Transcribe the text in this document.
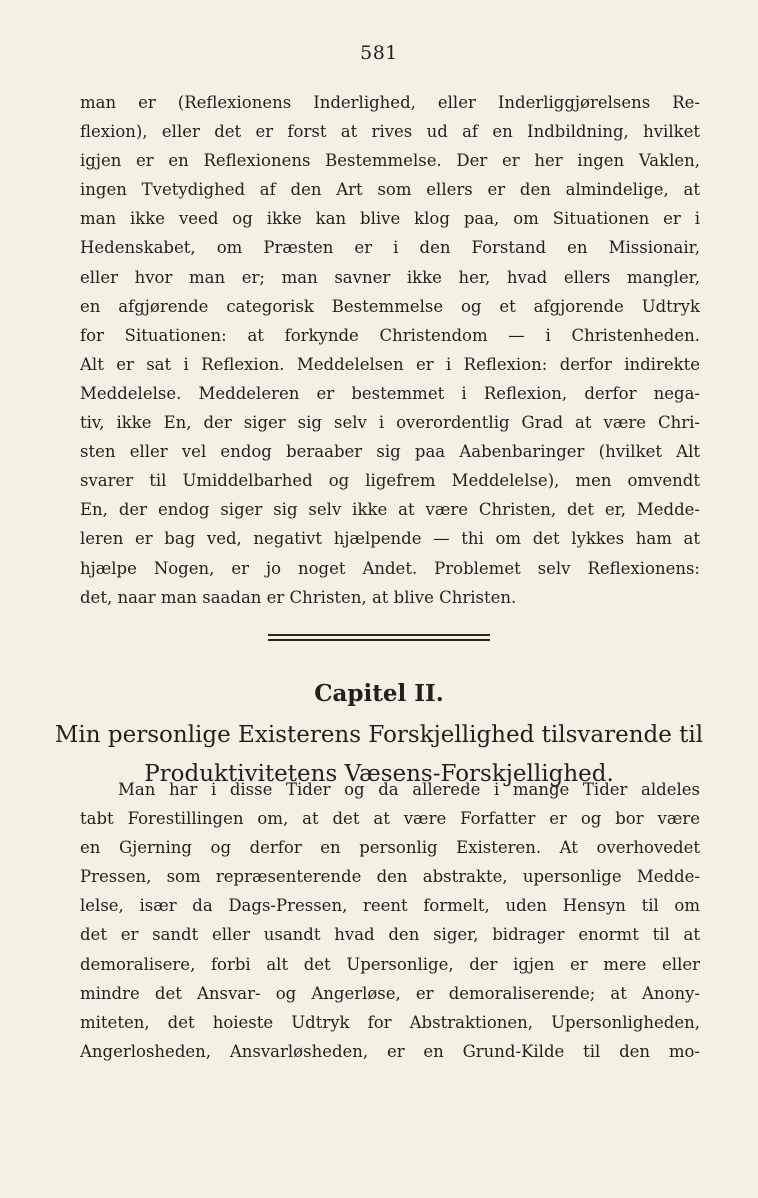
581
man er (Reflexionens Inderlighed, eller Inderliggjørelsens Re-
flexion), eller det er forst at rives ud af en Indbildning, hvilket
igjen er en Reflexionens Bestemmelse. Der er her ingen Vaklen,
ingen Tvetydighed af den Art som ellers er den almindelige, at
man ikke veed og ikke kan blive klog paa, om Situationen er i
Hedenskabet, om Præsten er i den Forstand en Missionair,
eller hvor man er; man savner ikke her, hvad ellers mangler,
en afgjørende categorisk Bestemmelse og et afgjorende Udtryk
for Situationen: at forkynde Christendom — i Christenheden.
Alt er sat i Reflexion. Meddelelsen er i Reflexion: derfor indirekte
Meddelelse. Meddeleren er bestemmet i Reflexion, derfor nega-
tiv, ikke En, der siger sig selv i overordentlig Grad at være Chri-
sten eller vel endog beraaber sig paa Aabenbaringer (hvilket Alt
svarer til Umiddelbarhed og ligefrem Meddelelse), men omvendt
En, der endog siger sig selv ikke at være Christen, det er, Medde-
leren er bag ved, negativt hjælpende — thi om det lykkes ham at
hjælpe Nogen, er jo noget Andet. Problemet selv Reflexionens:
det, naar man saadan er Christen, at blive Christen.
Capitel II.
Min personlige Existerens Forskjellighed tilsvarende til
Produktivitetens Væsens-Forskjellighed.
Man har i disse Tider og da allerede i mange Tider aldeles
tabt Forestillingen om, at det at være Forfatter er og bor være
en Gjerning og derfor en personlig Existeren. At overhovedet
Pressen, som repræsenterende den abstrakte, upersonlige Medde-
lelse, især da Dags-Pressen, reent formelt, uden Hensyn til om
det er sandt eller usandt hvad den siger, bidrager enormt til at
demoralisere, forbi alt det Upersonlige, der igjen er mere eller
mindre det Ansvar- og Angerløse, er demoraliserende; at Anony-
miteten, det hoieste Udtryk for Abstraktionen, Upersonligheden,
Angerlosheden, Ansvarløsheden, er en Grund-Kilde til den mo-
